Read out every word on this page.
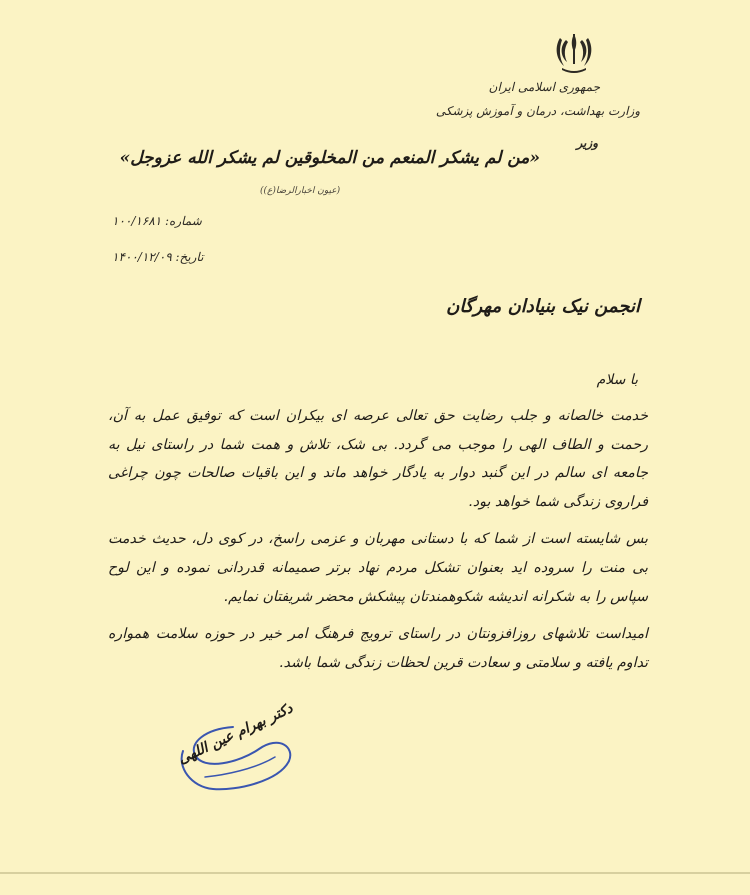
جمهوری اسلامی ایران
وزارت بهداشت، درمان و آموزش پزشکی
وزیر
«من لم یشکر المنعم من المخلوقین لم یشکر الله عزوجل»
(عیون اخبارالرضا(ع))
شماره: ۱۰۰/۱۶۸۱
تاریخ: ۱۴۰۰/۱۲/۰۹
انجمن نیک بنیادان مهرگان
با سلام

خدمت خالصانه و جلب رضایت حق تعالی عرصه ای بیکران است که توفیق عمل به آن، رحمت و الطاف الهی را موجب می گردد. بی شک، تلاش و همت شما در راستای نیل به جامعه ای سالم در این گنبد دوار به یادگار خواهد ماند و این باقیات صالحات چون چراغی فراروی زندگی شما خواهد بود.

بس شایسته است از شما که با دستانی مهربان و عزمی راسخ، در کوی دل، حدیث خدمت بی منت را سروده اید بعنوان تشکل مردم نهاد برتر صمیمانه قدردانی نموده و این لوح سپاس را به شکرانه اندیشه شکوهمندتان پیشکش محضر شریفتان نمایم.

امیداست تلاشهای روزافزونتان در راستای ترویج فرهنگ امر خیر در حوزه سلامت همواره تداوم یافته و سلامتی و سعادت قرین لحظات زندگی شما باشد.

دکتر بهرام عین اللهی
